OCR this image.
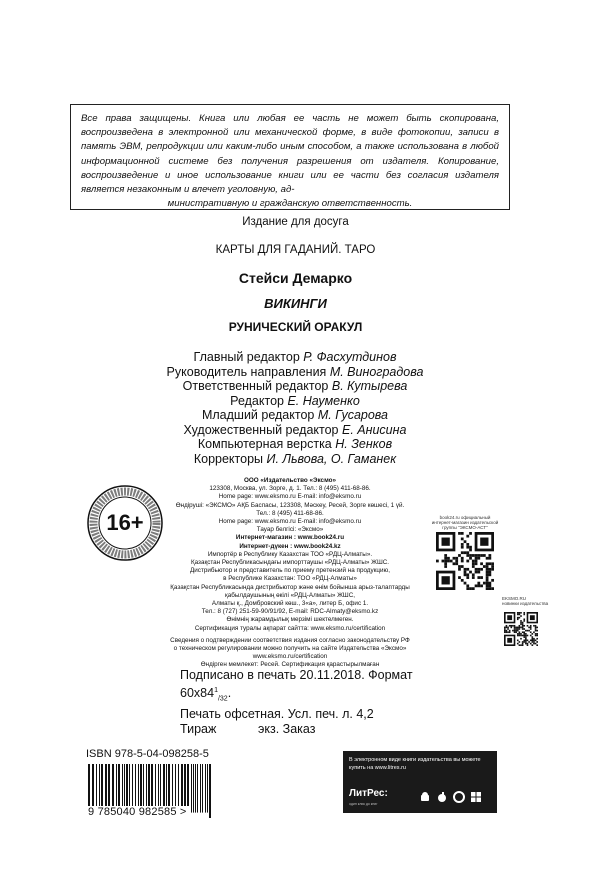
Все права защищены. Книга или любая ее часть не может быть скопирована, воспроизведена в электронной или механической форме, в виде фотокопии, записи в память ЭВМ, репродукции или каким-либо иным способом, а также использована в любой информационной системе без получения разрешения от издателя. Копирование, воспроизведение и иное использование книги или ее части без согласия издателя является незаконным и влечет уголовную, ад-
министративную и гражданскую ответственность.
Издание для досуга
КАРТЫ ДЛЯ ГАДАНИЙ. ТАРО
Стейси Демарко
ВИКИНГИ
РУНИЧЕСКИЙ ОРАКУЛ
Главный редактор Р. Фасхутдинов
Руководитель направления М. Виноградова
Ответственный редактор В. Кутырева
Редактор Е. Науменко
Младший редактор М. Гусарова
Художественный редактор Е. Анисина
Компьютерная верстка Н. Зенков
Корректоры И. Львова, О. Гаманек
16+
ООО «Издательство «Эксмо»
123308, Москва, ул. Зорге, д. 1. Тел.: 8 (495) 411-68-86.
Home page: www.eksmo.ru E-mail: info@eksmo.ru
Өндіруші: «ЭКСМО» АҚБ Баспасы, 123308, Мәскеу, Ресей, Зорге көшесі, 1 үй.
Тел.: 8 (495) 411-68-86.
Home page: www.eksmo.ru E-mail: info@eksmo.ru
Тауар белгісі: «Эксмо»
Интернет-магазин : www.book24.ru
Интернет-дүкен : www.book24.kz
Импортёр в Республику Казахстан ТОО «РДЦ-Алматы».
Қазақстан Республикасындағы импорттаушы «РДЦ-Алматы» ЖШС.
Дистрибьютор и представитель по приему претензий на продукцию,
в Республике Казахстан: ТОО «РДЦ-Алматы»
Қазақстан Республикасында дистрибьютор және өнім бойынша арыз-талаптарды
қабылдаушының өкілі «РДЦ-Алматы» ЖШС,
Алматы қ., Домбровский көш., 3«а», литер Б, офис 1.
Тел.: 8 (727) 251-59-90/91/92, E-mail: RDC-Almaty@eksmo.kz
Өнімнің жарамдылық мерзімі шектелмеген.
Сертификация туралы ақпарат сайтта: www.eksmo.ru/certification
Сведения о подтверждении соответствия издания согласно законодательству РФ
о техническом регулировании можно получить на сайте Издательства «Эксмо»
www.eksmo.ru/certification
Өндірген мемлекет: Ресей. Сертификация қарастырылмаған
book24.ru официальный интернет-магазин издательской группы "ЭКСМО-АСТ"
EKSMO.RU
новинки издательства
Подписано в печать 20.11.2018. Формат $60x84^1_{/32}$.
Печать офсетная. Усл. печ. л. 4,2
Тираж            экз. Заказ
ISBN 978-5-04-098258-5
9 785040 982585 >
В электронном виде книги издательства вы можете купить на www.litres.ru
ЛитРес:
один клик до книг
